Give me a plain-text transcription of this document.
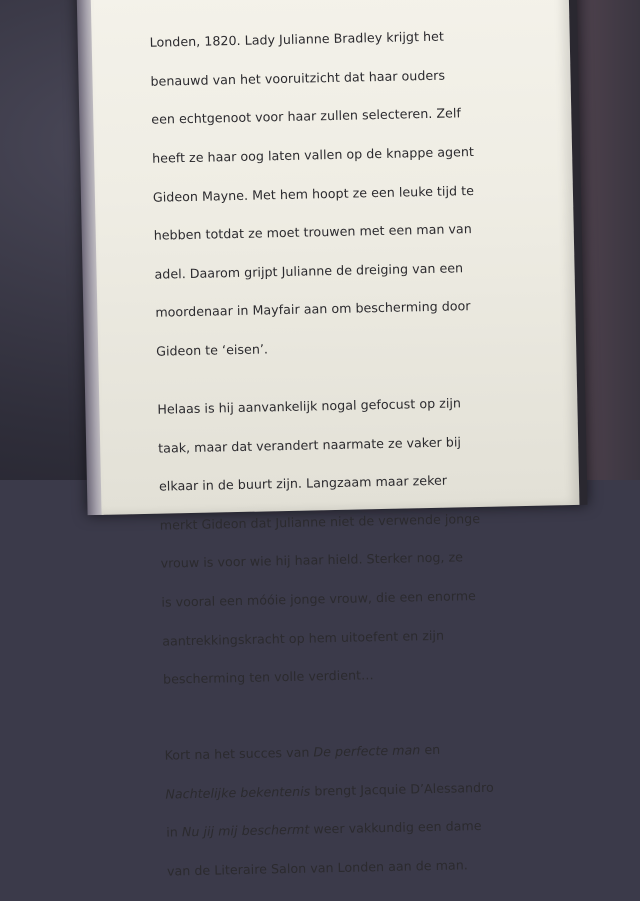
Londen, 1820. Lady Julianne Bradley krijgt het

benauwd van het vooruitzicht dat haar ouders

een echtgenoot voor haar zullen selecteren. Zelf

heeft ze haar oog laten vallen op de knappe agent

Gideon Mayne. Met hem hoopt ze een leuke tijd te

hebben totdat ze moet trouwen met een man van

adel. Daarom grijpt Julianne de dreiging van een

moordenaar in Mayfair aan om bescherming door

Gideon te ‘eisen’.

Helaas is hij aanvankelijk nogal gefocust op zijn

taak, maar dat verandert naarmate ze vaker bij

elkaar in de buurt zijn. Langzaam maar zeker

merkt Gideon dat Julianne niet de verwende jonge

vrouw is voor wie hij haar hield. Sterker nog, ze

is vooral een móóie jonge vrouw, die een enorme

aantrekkingskracht op hem uitoefent en zijn

bescherming ten volle verdient…

Kort na het succes van De perfecte man en

Nachtelijke bekentenis brengt Jacquie D’Alessandro

in Nu jij mij beschermt weer vakkundig een dame

van de Literaire Salon van Londen aan de man.
